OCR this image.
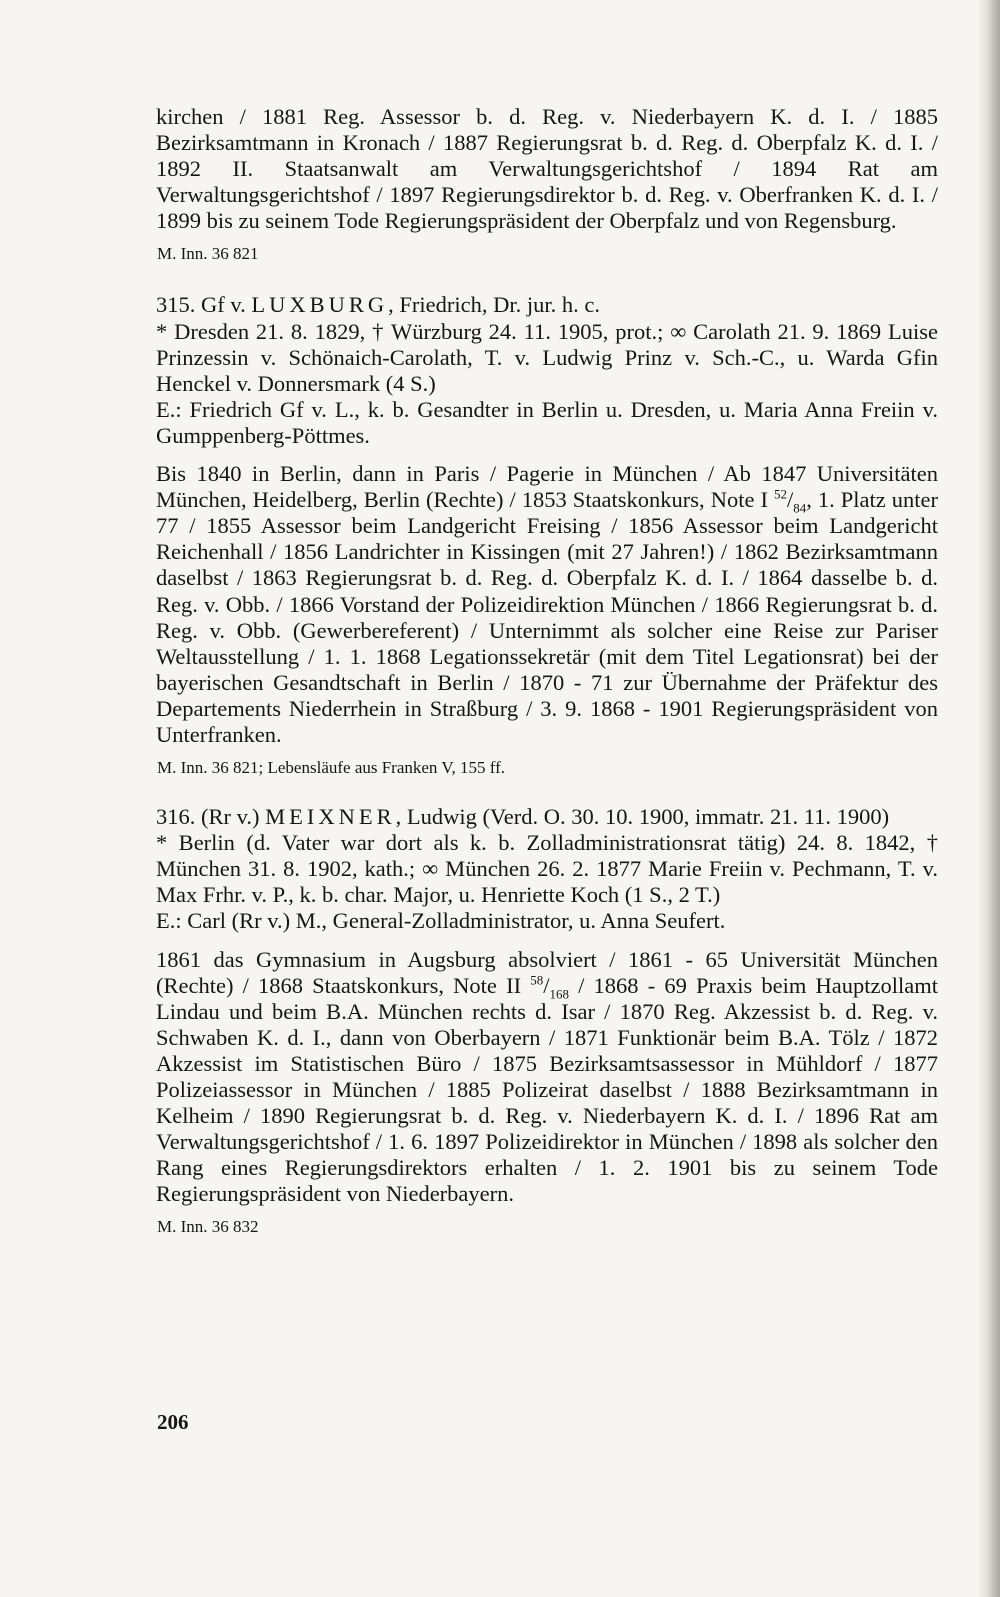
kirchen / 1881 Reg. Assessor b. d. Reg. v. Niederbayern K. d. I. / 1885 Bezirksamtmann in Kronach / 1887 Regierungsrat b. d. Reg. d. Oberpfalz K. d. I. / 1892 II. Staatsanwalt am Verwaltungsgerichtshof / 1894 Rat am Verwaltungsgerichtshof / 1897 Regierungsdirektor b. d. Reg. v. Oberfranken K. d. I. / 1899 bis zu seinem Tode Regierungspräsident der Oberpfalz und von Regensburg.

M. Inn. 36 821

315. Gf v. LUXBURG, Friedrich, Dr. jur. h. c.

* Dresden 21. 8. 1829, † Würzburg 24. 11. 1905, prot.; ∞ Carolath 21. 9. 1869 Luise Prinzessin v. Schönaich-Carolath, T. v. Ludwig Prinz v. Sch.-C., u. Warda Gfin Henckel v. Donnersmark (4 S.)

E.: Friedrich Gf v. L., k. b. Gesandter in Berlin u. Dresden, u. Maria Anna Freiin v. Gumppenberg-Pöttmes.

Bis 1840 in Berlin, dann in Paris / Pagerie in München / Ab 1847 Universitäten München, Heidelberg, Berlin (Rechte) / 1853 Staatskonkurs, Note I $^{52}/_{84}$, 1. Platz unter 77 / 1855 Assessor beim Landgericht Freising / 1856 Assessor beim Landgericht Reichenhall / 1856 Landrichter in Kissingen (mit 27 Jahren!) / 1862 Bezirksamtmann daselbst / 1863 Regierungsrat b. d. Reg. d. Oberpfalz K. d. I. / 1864 dasselbe b. d. Reg. v. Obb. / 1866 Vorstand der Polizeidirektion München / 1866 Regierungsrat b. d. Reg. v. Obb. (Gewerbereferent) / Unternimmt als solcher eine Reise zur Pariser Weltausstellung / 1. 1. 1868 Legationssekretär (mit dem Titel Legationsrat) bei der bayerischen Gesandtschaft in Berlin / 1870 - 71 zur Übernahme der Präfektur des Departements Niederrhein in Straßburg / 3. 9. 1868 - 1901 Regierungspräsident von Unterfranken.

M. Inn. 36 821; Lebensläufe aus Franken V, 155 ff.

316. (Rr v.) MEIXNER, Ludwig (Verd. O. 30. 10. 1900, immatr. 21. 11. 1900)

* Berlin (d. Vater war dort als k. b. Zolladministrationsrat tätig) 24. 8. 1842, † München 31. 8. 1902, kath.; ∞ München 26. 2. 1877 Marie Freiin v. Pechmann, T. v. Max Frhr. v. P., k. b. char. Major, u. Henriette Koch (1 S., 2 T.)

E.: Carl (Rr v.) M., General-Zolladministrator, u. Anna Seufert.

1861 das Gymnasium in Augsburg absolviert / 1861 - 65 Universität München (Rechte) / 1868 Staatskonkurs, Note II $^{58}/_{168} / 1868 - 69$ Praxis beim Hauptzollamt Lindau und beim B.A. München rechts d. Isar / 1870 Reg. Akzessist b. d. Reg. v. Schwaben K. d. I., dann von Oberbayern / 1871 Funktionär beim B.A. Tölz / 1872 Akzessist im Statistischen Büro / 1875 Bezirksamtsassessor in Mühldorf / 1877 Polizeiassessor in München / 1885 Polizeirat daselbst / 1888 Bezirksamtmann in Kelheim / 1890 Regierungsrat b. d. Reg. v. Niederbayern K. d. I. / 1896 Rat am Verwaltungsgerichtshof / 1. 6. 1897 Polizeidirektor in München / 1898 als solcher den Rang eines Regierungsdirektors erhalten / 1. 2. 1901 bis zu seinem Tode Regierungspräsident von Niederbayern.

M. Inn. 36 832

206
